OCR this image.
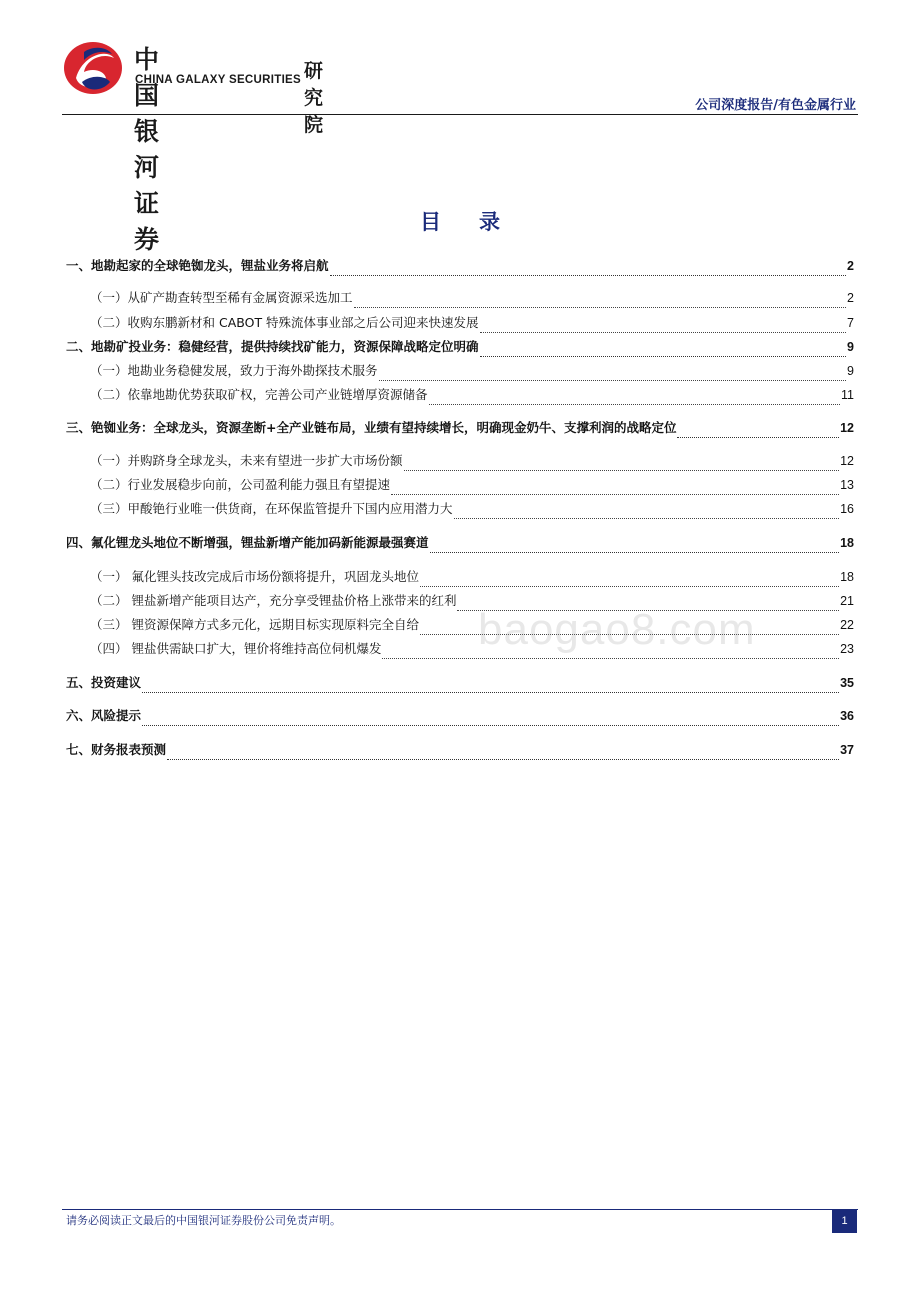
中国银河证券
CHINA GALAXY SECURITIES 研究院
公司深度报告/有色金属行业
目录
一、地勘起家的全球铯铷龙头，锂盐业务将启航	2
（一）从矿产勘查转型至稀有金属资源采选加工	2
（二）收购东鹏新材和 CABOT 特殊流体事业部之后公司迎来快速发展	7
二、地勘矿投业务：稳健经营，提供持续找矿能力，资源保障战略定位明确	9
（一）地勘业务稳健发展，致力于海外勘探技术服务	9
（二）依靠地勘优势获取矿权，完善公司产业链增厚资源储备	11
三、铯铷业务：全球龙头，资源垄断+全产业链布局，业绩有望持续增长，明确现金奶牛、支撑利润的战略定位	12
（一）并购跻身全球龙头，未来有望进一步扩大市场份额	12
（二）行业发展稳步向前，公司盈利能力强且有望提速	13
（三）甲酸铯行业唯一供货商，在环保监管提升下国内应用潜力大	16
四、氟化锂龙头地位不断增强，锂盐新增产能加码新能源最强赛道	18
（一） 氟化锂头技改完成后市场份额将提升，巩固龙头地位	18
（二） 锂盐新增产能项目达产，充分享受锂盐价格上涨带来的红利	21
（三） 锂资源保障方式多元化，远期目标实现原料完全自给	22
（四） 锂盐供需缺口扩大，锂价将维持高位伺机爆发	23
五、投资建议	35
六、风险提示	36
七、财务报表预测	37
baogao8.com
请务必阅读正文最后的中国银河证券股份公司免责声明。	1
